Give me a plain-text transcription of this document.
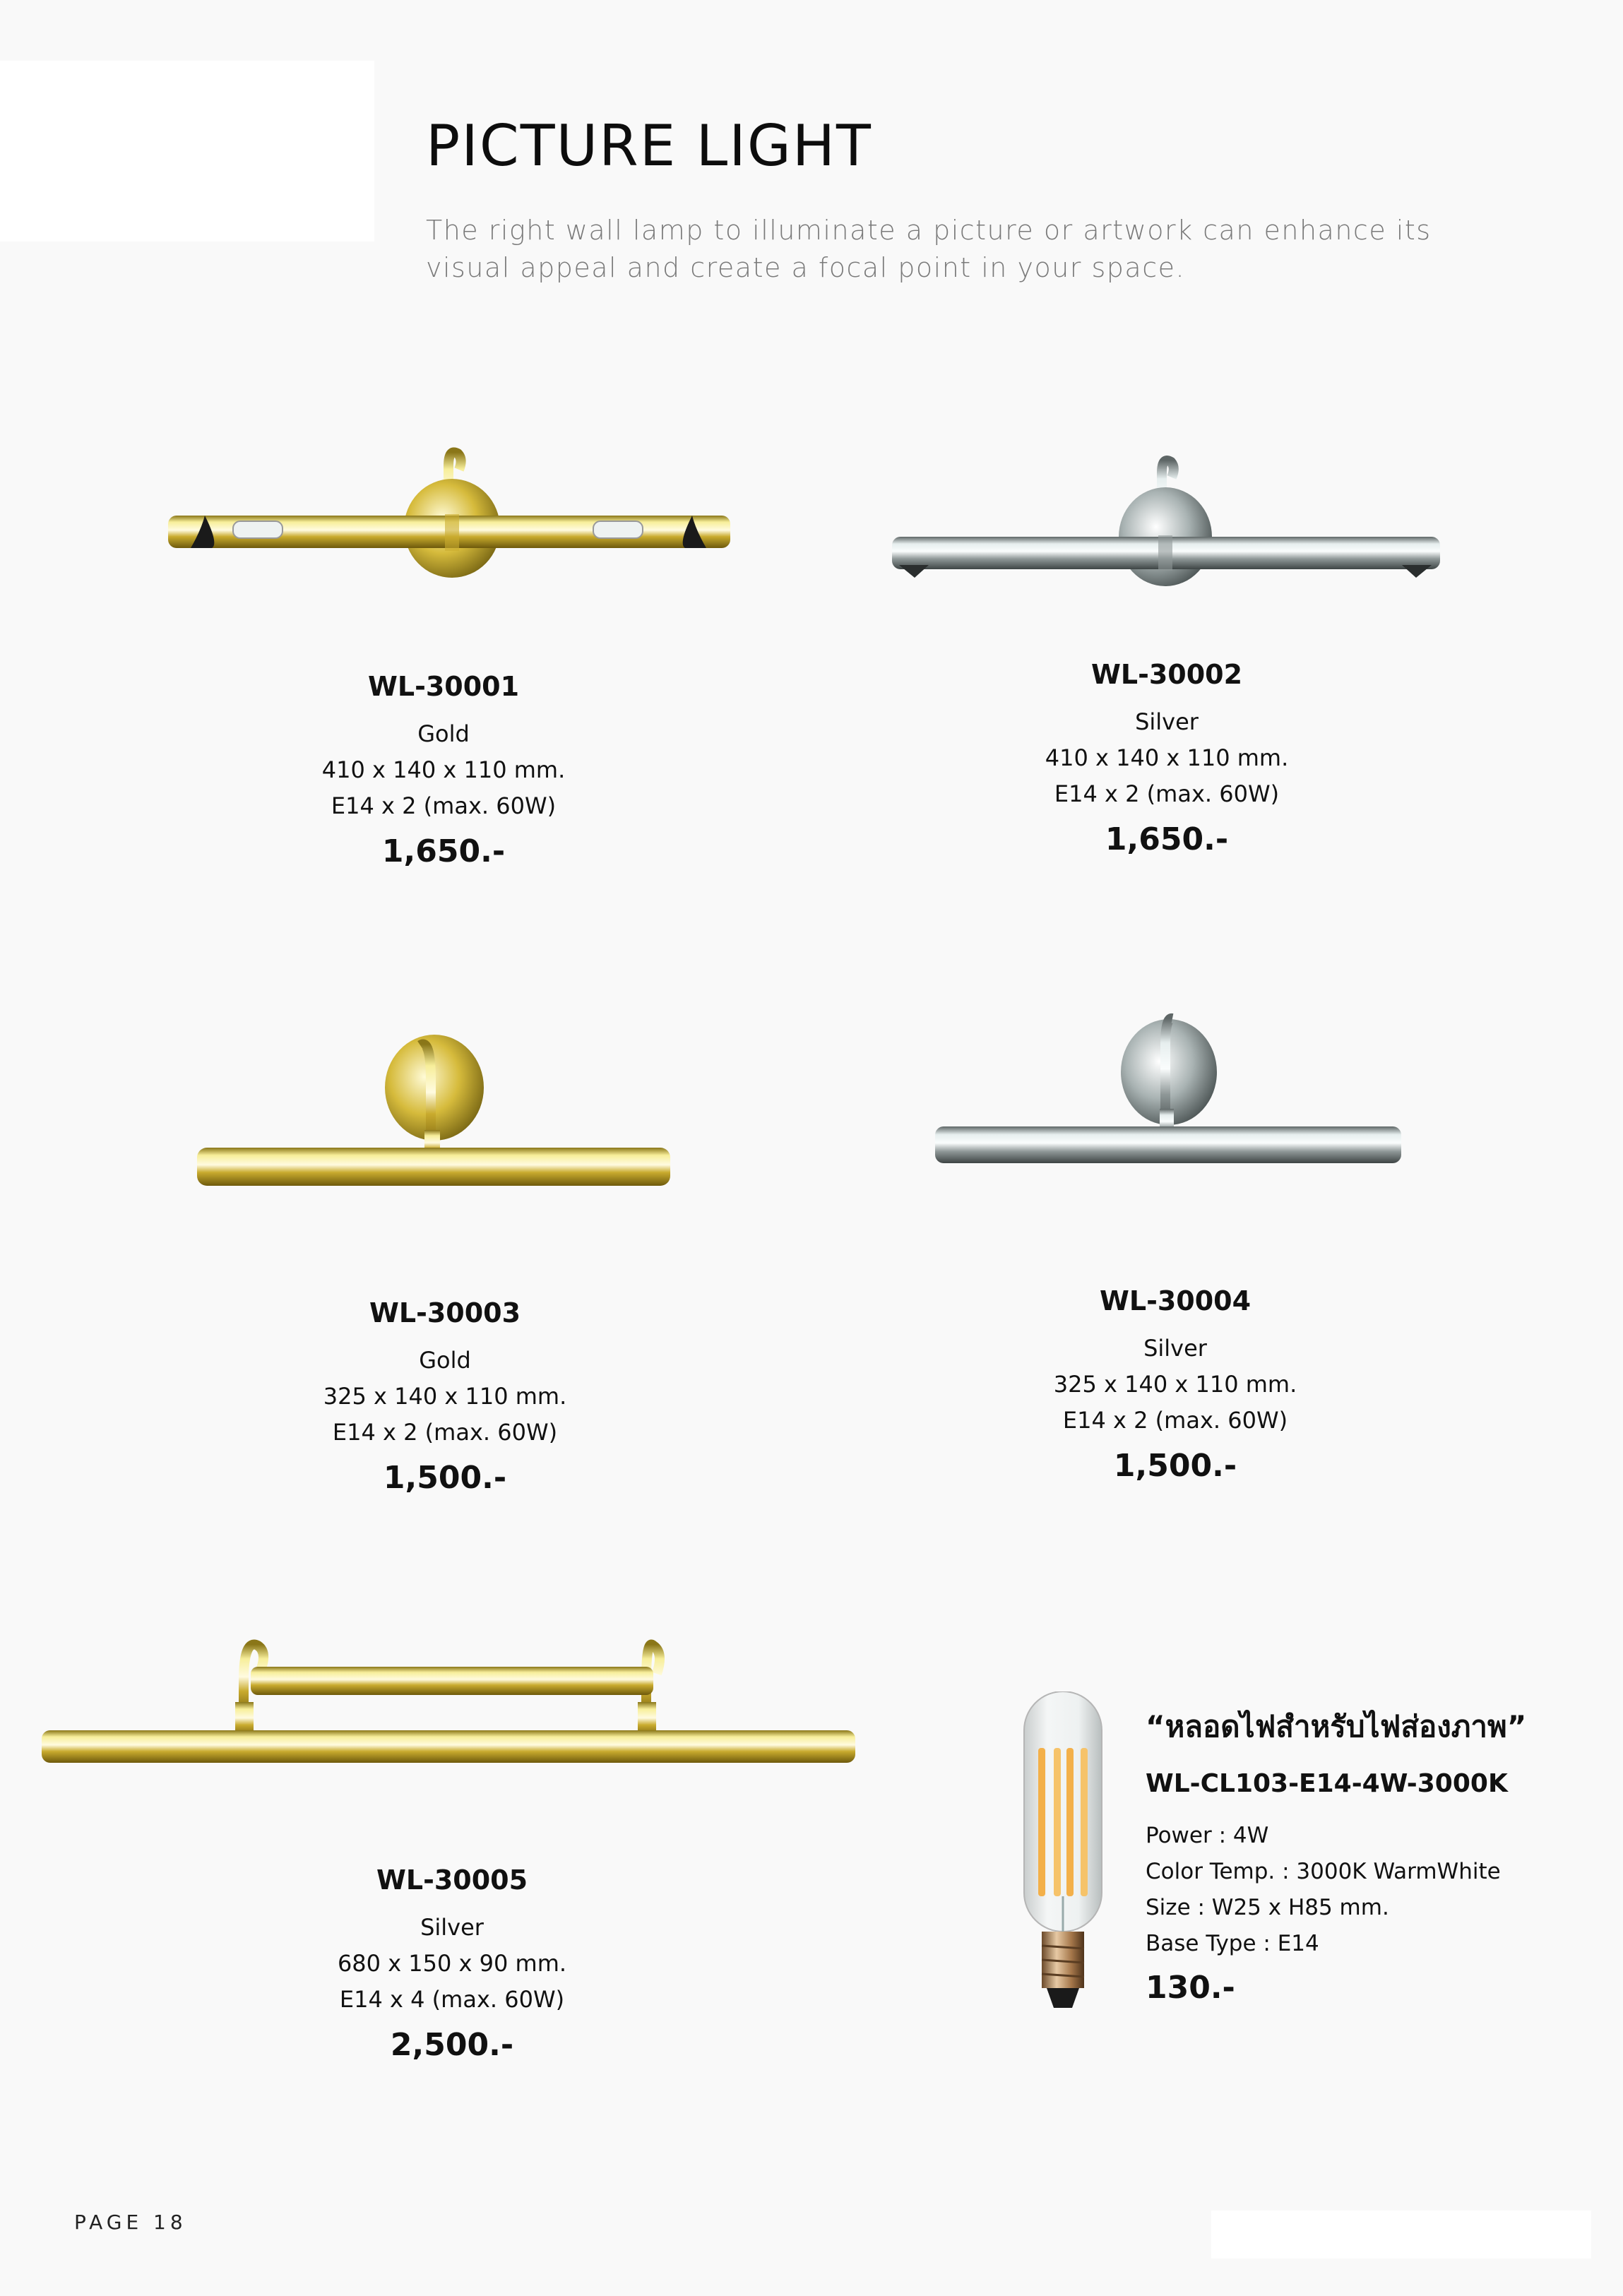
PICTURE LIGHT

The right wall lamp to illuminate a picture or artwork can enhance its visual appeal and create a focal point in your space.

WL-30001

Gold

410 x 140 x 110 mm.

E14 x 2 (max. 60W)

1,650.-

WL-30002

Silver

410 x 140 x 110 mm.

E14 x 2 (max. 60W)

1,650.-

WL-30003

Gold

325 x 140 x 110 mm.

E14 x 2 (max. 60W)

1,500.-

WL-30004

Silver

325 x 140 x 110 mm.

E14 x 2 (max. 60W)

1,500.-

WL-30005

Silver

680 x 150 x 90 mm.

E14 x 4 (max. 60W)

2,500.-

“หลอดไฟสำหรับไฟส่องภาพ”

WL-CL103-E14-4W-3000K

Power : 4W

Color Temp. : 3000K WarmWhite

Size : W25 x H85 mm.

Base Type : E14

130.-

PAGE 18
